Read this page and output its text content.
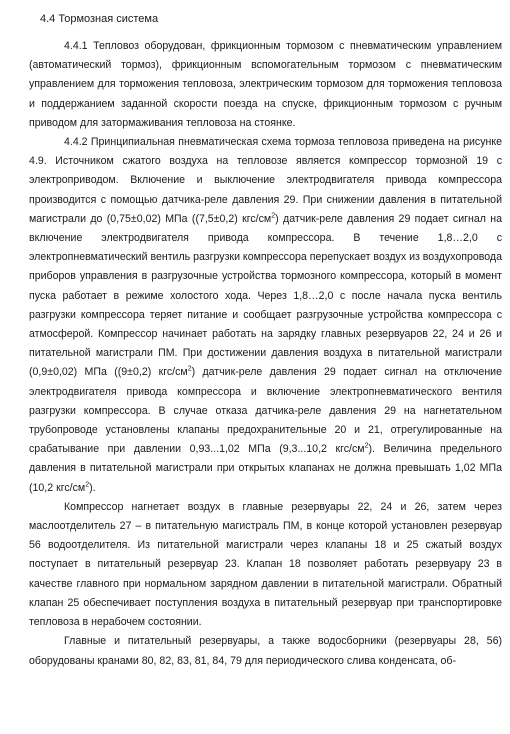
4.4 Тормозная система

4.4.1 Тепловоз оборудован, фрикционным тормозом с пневматическим управлением (автоматический тормоз), фрикционным вспомогательным тормозом с пневматическим управлением для торможения тепловоза, электрическим тормозом для торможения тепловоза и поддержанием заданной скорости поезда на спуске, фрикционным тормозом с ручным приводом для затормаживания тепловоза на стоянке.

4.4.2 Принципиальная пневматическая схема тормоза тепловоза приведена на рисунке 4.9. Источником сжатого воздуха на тепловозе является компрессор тормозной 19 с электроприводом. Включение и выключение электродвигателя привода компрессора производится с помощью датчика-реле давления 29. При снижении давления в питательной магистрали до (0,75±0,02) МПа ((7,5±0,2) кгс/$см^2$) датчик-реле давления 29 подает сигнал на включение электродвигателя привода компрессора. В течение 1,8…2,0 с электропневматический вентиль разгрузки компрессора перепускает воздух из воздухопровода приборов управления в разгрузочные устройства тормозного компрессора, который в момент пуска работает в режиме холостого хода. Через 1,8…2,0 с после начала пуска вентиль разгрузки компрессора теряет питание и сообщает разгрузочные устройства компрессора с атмосферой. Компрессор начинает работать на зарядку главных резервуаров 22, 24 и 26 и питательной магистрали ПМ. При достижении давления воздуха в питательной магистрали (0,9±0,02) МПа ((9±0,2) кгс/$см^2$) датчик-реле давления 29 подает сигнал на отключение электродвигателя привода компрессора и включение электропневматического вентиля разгрузки компрессора. В случае отказа датчика-реле давления 29 на нагнетательном трубопроводе установлены клапаны предохранительные 20 и 21, отрегулированные на срабатывание при давлении 0,93...1,02 МПа (9,3...10,2 кгс/$см^2$). Величина предельного давления в питательной магистрали при открытых клапанах не должна превышать 1,02 МПа (10,2 кгс/$см^2$).

Компрессор нагнетает воздух в главные резервуары 22, 24 и 26, затем через маслоотделитель 27 – в питательную магистраль ПМ, в конце которой установлен резервуар 56 водоотделителя. Из питательной магистрали через клапаны 18 и 25 сжатый воздух поступает в питательный резервуар 23. Клапан 18 позволяет работать резервуару 23 в качестве главного при нормальном зарядном давлении в питательной магистрали. Обратный клапан 25 обеспечивает поступления воздуха в питательный резервуар при транспортировке тепловоза в нерабочем состоянии.

Главные и питательный резервуары, а также водосборники (резервуары 28, 56) оборудованы кранами 80, 82, 83, 81, 84, 79 для периодического слива конденсата, об-
